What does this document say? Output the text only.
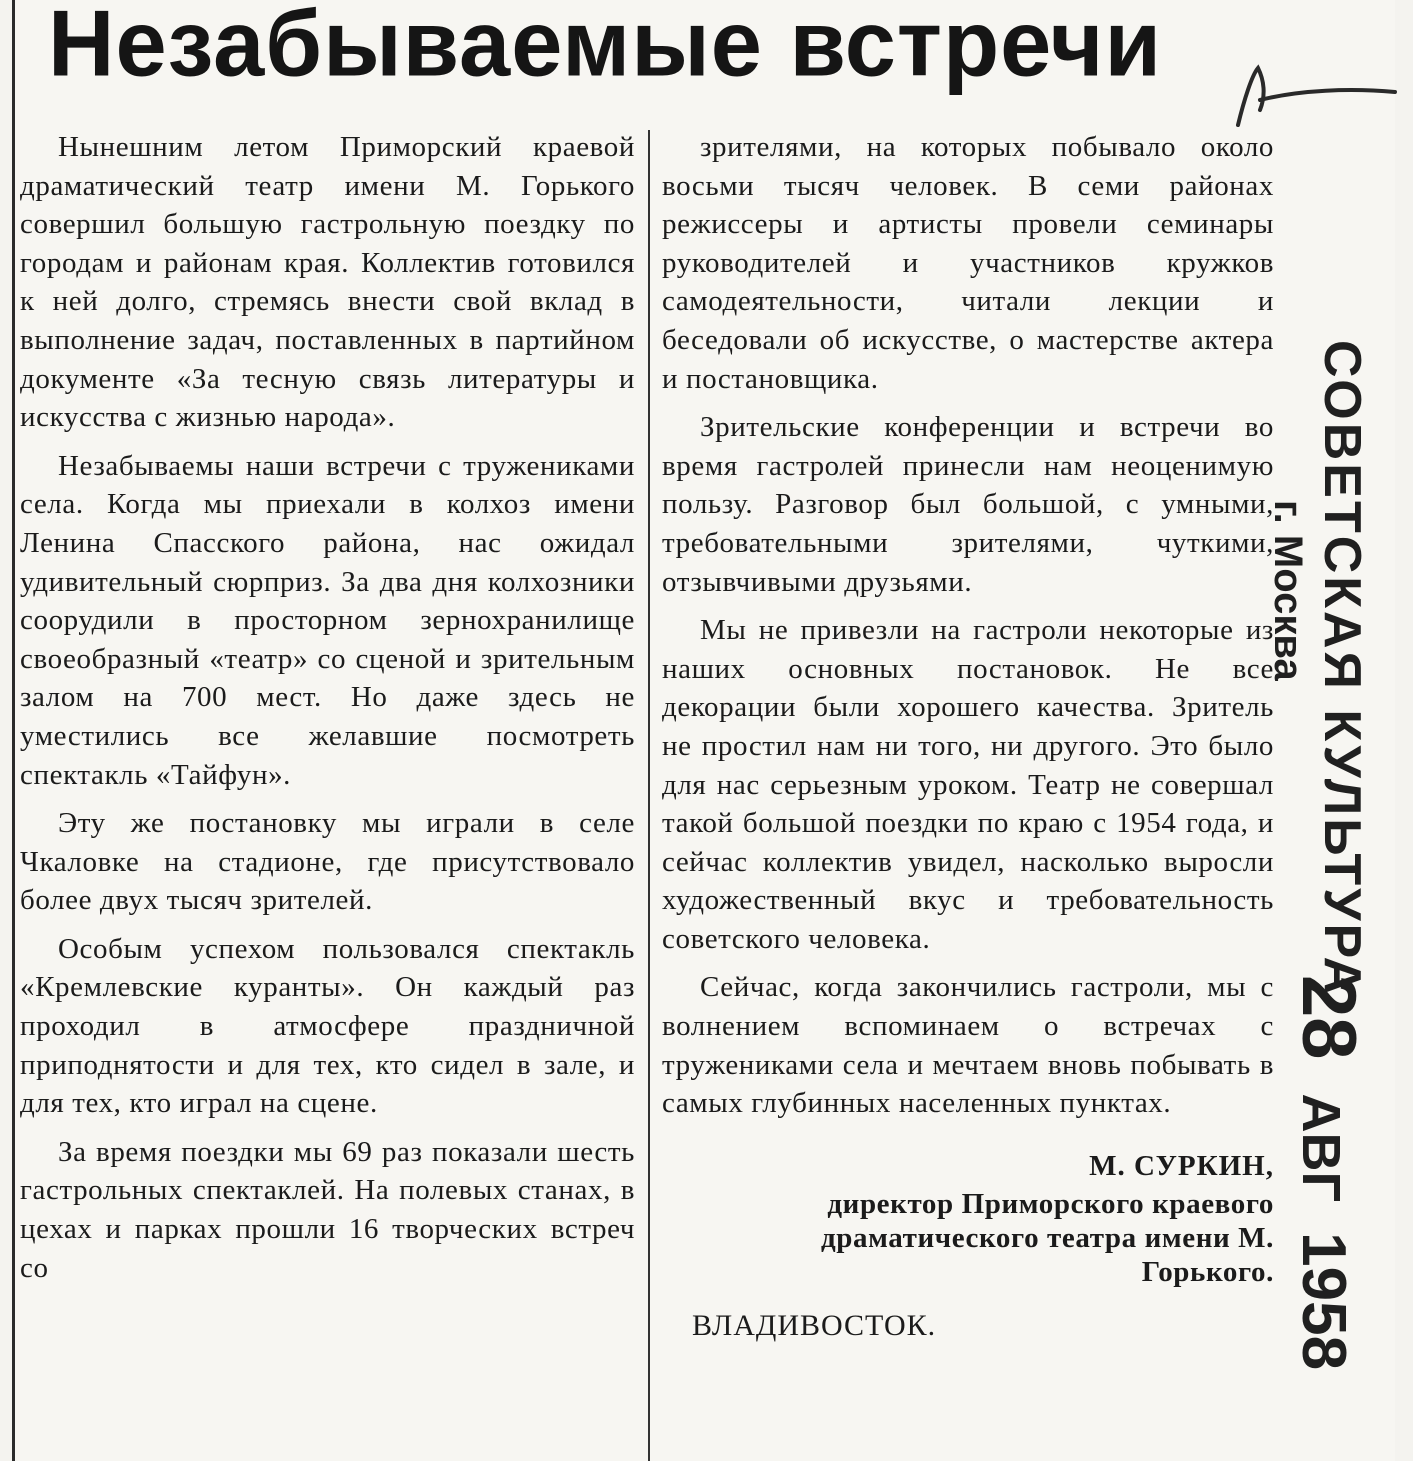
Незабываемые встречи

Нынешним летом Приморский краевой драматический театр имени М. Горького совершил большую гастрольную поездку по городам и районам края. Коллектив готовился к ней долго, стремясь внести свой вклад в выполнение задач, поставленных в партийном документе «За тесную связь литературы и искусства с жизнью народа».

Незабываемы наши встречи с тружениками села. Когда мы приехали в колхоз имени Ленина Спасского района, нас ожидал удивительный сюрприз. За два дня колхозники соорудили в просторном зернохранилище своеобразный «театр» со сценой и зрительным залом на 700 мест. Но даже здесь не уместились все желавшие посмотреть спектакль «Тайфун».

Эту же постановку мы играли в селе Чкаловке на стадионе, где присутствовало более двух тысяч зрителей.

Особым успехом пользовался спектакль «Кремлевские куранты». Он каждый раз проходил в атмосфере праздничной приподнятости и для тех, кто сидел в зале, и для тех, кто играл на сцене.

За время поездки мы 69 раз показали шесть гастрольных спектаклей. На полевых станах, в цехах и парках прошли 16 творческих встреч со

зрителями, на которых побывало около восьми тысяч человек. В семи районах режиссеры и артисты провели семинары руководителей и участников кружков самодеятельности, читали лекции и беседовали об искусстве, о мастерстве актера и постановщика.

Зрительские конференции и встречи во время гастролей принесли нам неоценимую пользу. Разговор был большой, с умными, требовательными зрителями, чуткими, отзывчивыми друзьями.

Мы не привезли на гастроли некоторые из наших основных постановок. Не все декорации были хорошего качества. Зритель не простил нам ни того, ни другого. Это было для нас серьезным уроком. Театр не совершал такой большой поездки по краю с 1954 года, и сейчас коллектив увидел, насколько выросли художественный вкус и требовательность советского человека.

Сейчас, когда закончились гастроли, мы с волнением вспоминаем о встречах с тружениками села и мечтаем вновь побывать в самых глубинных населенных пунктах.

М. СУРКИН,
директор Приморского краевого драматического театра имени М. Горького.
ВЛАДИВОСТОК.
СОВЕТСКАЯ КУЛЬТУРА
г. Москва
28АВГ1958
